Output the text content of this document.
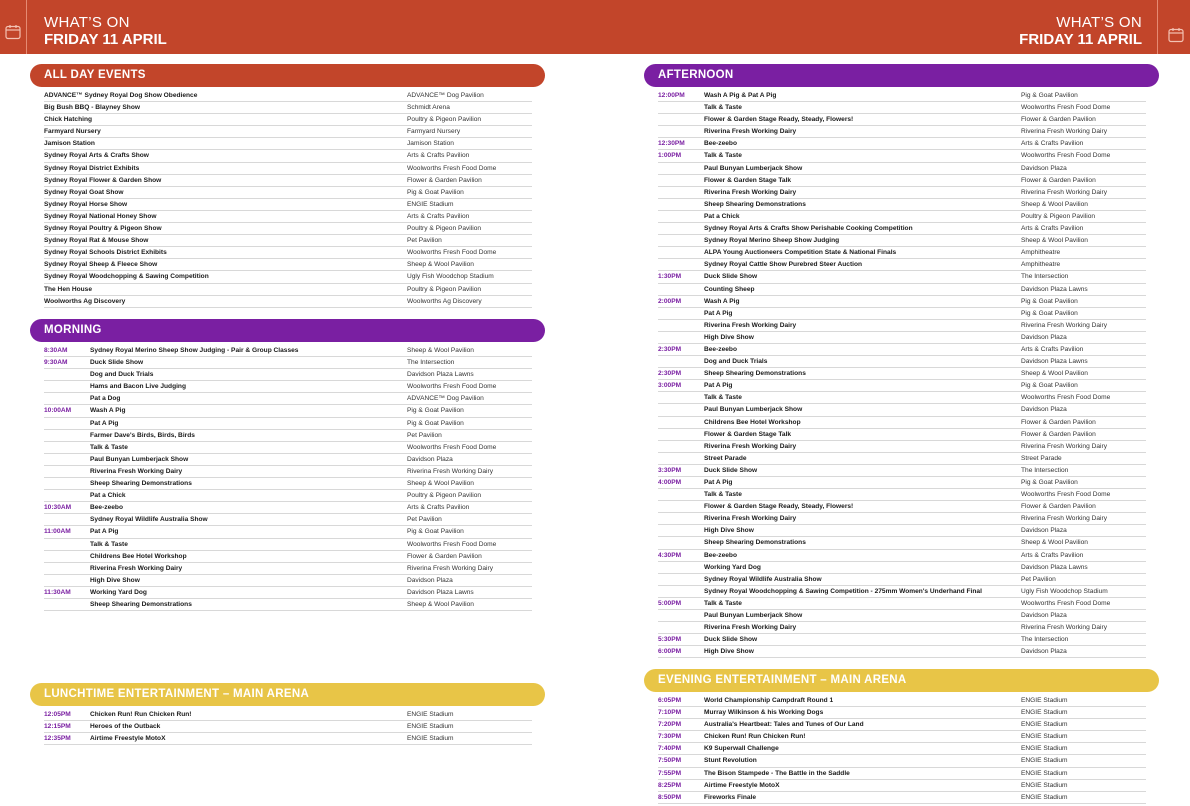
WHAT’S ON
FRIDAY 11 APRIL
WHAT’S ON
FRIDAY 11 APRIL
ALL DAY EVENTS
ADVANCE™ Sydney Royal Dog Show Obedience	ADVANCE™ Dog Pavilion
Big Bush BBQ - Blayney Show	Schmidt Arena
Chick Hatching	Poultry & Pigeon Pavilion
Farmyard Nursery	Farmyard Nursery
Jamison Station	Jamison Station
Sydney Royal Arts & Crafts Show	Arts & Crafts Pavilion
Sydney Royal District Exhibits	Woolworths Fresh Food Dome
Sydney Royal Flower & Garden Show	Flower & Garden Pavilion
Sydney Royal Goat Show	Pig & Goat Pavilion
Sydney Royal Horse Show	ENGIE Stadium
Sydney Royal National Honey Show	Arts & Crafts Pavilion
Sydney Royal Poultry & Pigeon Show	Poultry & Pigeon Pavilion
Sydney Royal Rat & Mouse Show	Pet Pavilion
Sydney Royal Schools District Exhibits	Woolworths Fresh Food Dome
Sydney Royal Sheep & Fleece Show	Sheep & Wool Pavilion
Sydney Royal Woodchopping & Sawing Competition	Ugly Fish Woodchop Stadium
The Hen House	Poultry & Pigeon Pavilion
Woolworths Ag Discovery	Woolworths Ag Discovery
MORNING
8:30AM	Sydney Royal Merino Sheep Show Judging - Pair & Group Classes	Sheep & Wool Pavilion
9:30AM	Duck Slide Show	The Intersection
Dog and Duck Trials	Davidson Plaza Lawns
Hams and Bacon Live Judging	Woolworths Fresh Food Dome
Pat a Dog	ADVANCE™ Dog Pavilion
10:00AM	Wash A Pig	Pig & Goat Pavilion
Pat A Pig	Pig & Goat Pavilion
Farmer Dave's Birds, Birds, Birds	Pet Pavilion
Talk & Taste	Woolworths Fresh Food Dome
Paul Bunyan Lumberjack Show	Davidson Plaza
Riverina Fresh Working Dairy	Riverina Fresh Working Dairy
Sheep Shearing Demonstrations	Sheep & Wool Pavilion
Pat a Chick	Poultry & Pigeon Pavilion
10:30AM	Bee-zeebo	Arts & Crafts Pavilion
Sydney Royal Wildlife Australia Show	Pet Pavilion
11:00AM	Pat A Pig	Pig & Goat Pavilion
Talk & Taste	Woolworths Fresh Food Dome
Childrens Bee Hotel Workshop	Flower & Garden Pavilion
Riverina Fresh Working Dairy	Riverina Fresh Working Dairy
High Dive Show	Davidson Plaza
11:30AM	Working Yard Dog	Davidson Plaza Lawns
Sheep Shearing Demonstrations	Sheep & Wool Pavilion
LUNCHTIME ENTERTAINMENT – MAIN ARENA
12:05PM	Chicken Run! Run Chicken Run!	ENGIE Stadium
12:15PM	Heroes of the Outback	ENGIE Stadium
12:35PM	Airtime Freestyle MotoX	ENGIE Stadium
AFTERNOON
12:00PM	Wash A Pig & Pat A Pig	Pig & Goat Pavilion
Talk & Taste	Woolworths Fresh Food Dome
Flower & Garden Stage Ready, Steady, Flowers!	Flower & Garden Pavilion
Riverina Fresh Working Dairy	Riverina Fresh Working Dairy
12:30PM	Bee-zeebo	Arts & Crafts Pavilion
1:00PM	Talk & Taste	Woolworths Fresh Food Dome
Paul Bunyan Lumberjack Show	Davidson Plaza
Flower & Garden Stage Talk	Flower & Garden Pavilion
Riverina Fresh Working Dairy	Riverina Fresh Working Dairy
Sheep Shearing Demonstrations	Sheep & Wool Pavilion
Pat a Chick	Poultry & Pigeon Pavilion
Sydney Royal Arts & Crafts Show Perishable Cooking Competition	Arts & Crafts Pavilion
Sydney Royal Merino Sheep Show Judging	Sheep & Wool Pavilion
ALPA Young Auctioneers Competition State & National Finals	Amphitheatre
Sydney Royal Cattle Show Purebred Steer Auction	Amphitheatre
1:30PM	Duck Slide Show	The Intersection
Counting Sheep	Davidson Plaza Lawns
2:00PM	Wash A Pig	Pig & Goat Pavilion
Pat A Pig	Pig & Goat Pavilion
Riverina Fresh Working Dairy	Riverina Fresh Working Dairy
High Dive Show	Davidson Plaza
2:30PM	Bee-zeebo	Arts & Crafts Pavilion
Dog and Duck Trials	Davidson Plaza Lawns
2:30PM	Sheep Shearing Demonstrations	Sheep & Wool Pavilion
3:00PM	Pat A Pig	Pig & Goat Pavilion
Talk & Taste	Woolworths Fresh Food Dome
Paul Bunyan Lumberjack Show	Davidson Plaza
Childrens Bee Hotel Workshop	Flower & Garden Pavilion
Flower & Garden Stage Talk	Flower & Garden Pavilion
Riverina Fresh Working Dairy	Riverina Fresh Working Dairy
Street Parade	Street Parade
3:30PM	Duck Slide Show	The Intersection
4:00PM	Pat A Pig	Pig & Goat Pavilion
Talk & Taste	Woolworths Fresh Food Dome
Flower & Garden Stage Ready, Steady, Flowers!	Flower & Garden Pavilion
Riverina Fresh Working Dairy	Riverina Fresh Working Dairy
High Dive Show	Davidson Plaza
Sheep Shearing Demonstrations	Sheep & Wool Pavilion
4:30PM	Bee-zeebo	Arts & Crafts Pavilion
Working Yard Dog	Davidson Plaza Lawns
Sydney Royal Wildlife Australia Show	Pet Pavilion
Sydney Royal Woodchopping & Sawing Competition - 275mm Women's Underhand Final	Ugly Fish Woodchop Stadium
5:00PM	Talk & Taste	Woolworths Fresh Food Dome
Paul Bunyan Lumberjack Show	Davidson Plaza
Riverina Fresh Working Dairy	Riverina Fresh Working Dairy
5:30PM	Duck Slide Show	The Intersection
6:00PM	High Dive Show	Davidson Plaza
EVENING ENTERTAINMENT – MAIN ARENA
6:05PM	World Championship Campdraft Round 1	ENGIE Stadium
7:10PM	Murray Wilkinson & his Working Dogs	ENGIE Stadium
7:20PM	Australia's Heartbeat: Tales and Tunes of Our Land	ENGIE Stadium
7:30PM	Chicken Run! Run Chicken Run!	ENGIE Stadium
7:40PM	K9 Superwall Challenge	ENGIE Stadium
7:50PM	Stunt Revolution	ENGIE Stadium
7:55PM	The Bison Stampede - The Battle in the Saddle	ENGIE Stadium
8:25PM	Airtime Freestyle MotoX	ENGIE Stadium
8:50PM	Fireworks Finale	ENGIE Stadium
